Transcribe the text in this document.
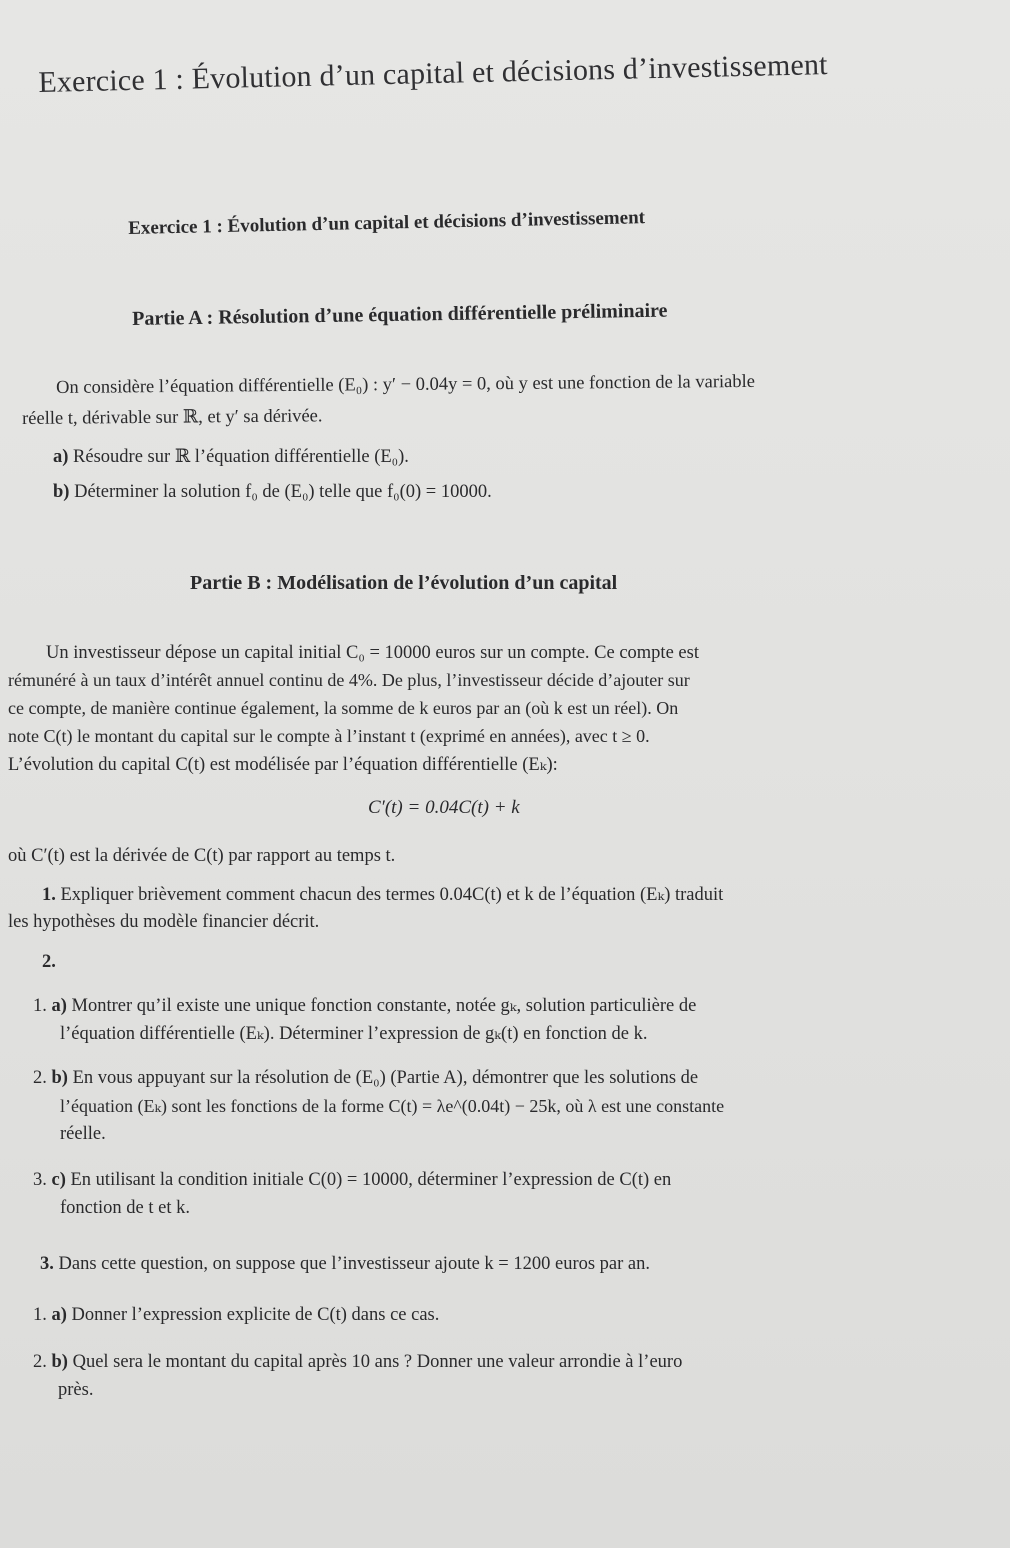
Exercice 1 : Évolution d’un capital et décisions d’investissement
Exercice 1 : Évolution d’un capital et décisions d’investissement
Partie A : Résolution d’une équation différentielle préliminaire
On considère l’équation différentielle (E₀) : y′ − 0.04y = 0, où y est une fonction de la variable
réelle t, dérivable sur ℝ, et y′ sa dérivée.
a) Résoudre sur ℝ l’équation différentielle (E₀).
b) Déterminer la solution f₀ de (E₀) telle que f₀(0) = 10000.
Partie B : Modélisation de l’évolution d’un capital
Un investisseur dépose un capital initial C₀ = 10000 euros sur un compte. Ce compte est
rémunéré à un taux d’intérêt annuel continu de 4%. De plus, l’investisseur décide d’ajouter sur
ce compte, de manière continue également, la somme de k euros par an (où k est un réel). On
note C(t) le montant du capital sur le compte à l’instant t (exprimé en années), avec t ≥ 0.
L’évolution du capital C(t) est modélisée par l’équation différentielle (Eₖ):
C′(t) = 0.04C(t) + k
où C′(t) est la dérivée de C(t) par rapport au temps t.
1. Expliquer brièvement comment chacun des termes 0.04C(t) et k de l’équation (Eₖ) traduit
les hypothèses du modèle financier décrit.
2.
1. a) Montrer qu’il existe une unique fonction constante, notée gₖ, solution particulière de
l’équation différentielle (Eₖ). Déterminer l’expression de gₖ(t) en fonction de k.
2. b) En vous appuyant sur la résolution de (E₀) (Partie A), démontrer que les solutions de
l’équation (Eₖ) sont les fonctions de la forme C(t) = λe^(0.04t) − 25k, où λ est une constante
réelle.
3. c) En utilisant la condition initiale C(0) = 10000, déterminer l’expression de C(t) en
fonction de t et k.
3. Dans cette question, on suppose que l’investisseur ajoute k = 1200 euros par an.
1. a) Donner l’expression explicite de C(t) dans ce cas.
2. b) Quel sera le montant du capital après 10 ans ? Donner une valeur arrondie à l’euro
près.
